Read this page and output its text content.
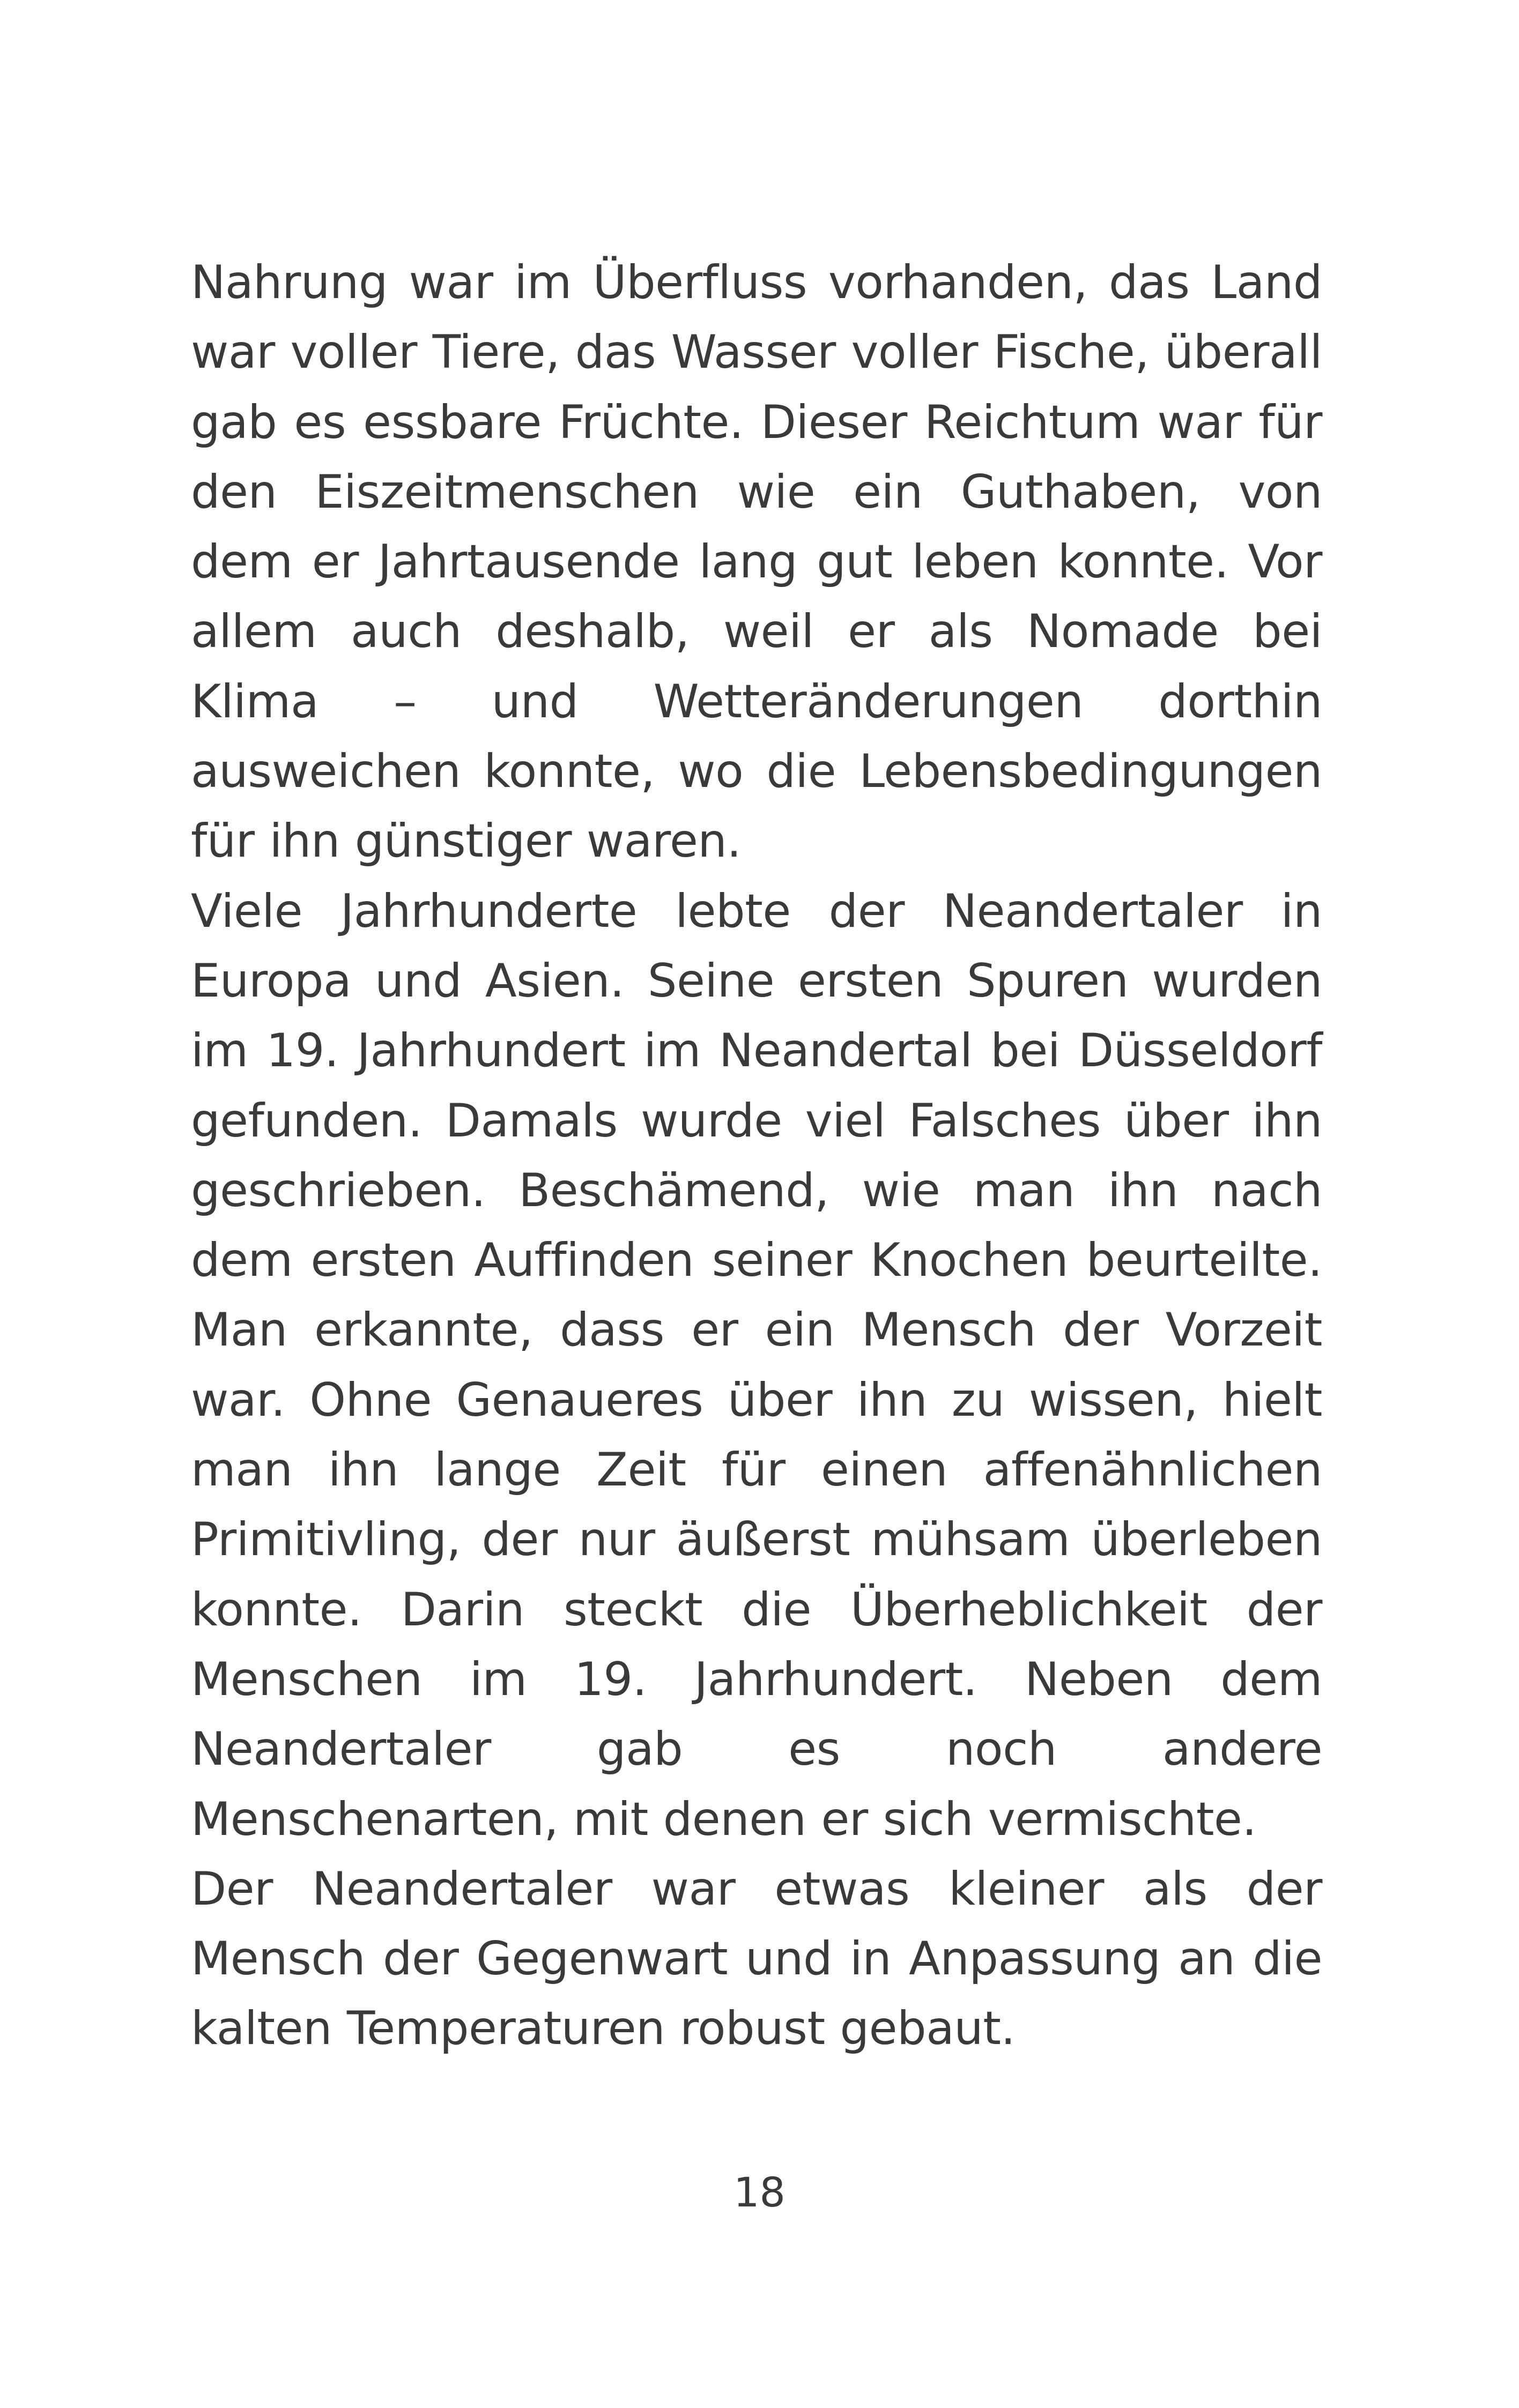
Nahrung war im Überfluss vorhanden, das Land war voller Tiere, das Wasser voller Fische, überall gab es essbare Früchte. Dieser Reichtum war für den Eiszeitmenschen wie ein Guthaben, von dem er Jahrtausende lang gut leben konnte. Vor allem auch deshalb, weil er als Nomade bei Klima – und Wetteränderungen dorthin ausweichen konnte, wo die Lebensbedingungen für ihn günstiger waren.

Viele Jahrhunderte lebte der Neandertaler in Europa und Asien. Seine ersten Spuren wurden im 19. Jahrhundert im Neandertal bei Düsseldorf gefunden. Damals wurde viel Falsches über ihn geschrieben. Beschämend, wie man ihn nach dem ersten Auffinden seiner Knochen beurteilte. Man erkannte, dass er ein Mensch der Vorzeit war. Ohne Genaueres über ihn zu wissen, hielt man ihn lange Zeit für einen affenähnlichen Primitivling, der nur äußerst mühsam überleben konnte. Darin steckt die Überheblichkeit der Menschen im 19. Jahrhundert. Neben dem Neandertaler gab es noch andere Menschenarten, mit denen er sich vermischte.

Der Neandertaler war etwas kleiner als der Mensch der Gegenwart und in Anpassung an die kalten Temperaturen robust gebaut.

18
